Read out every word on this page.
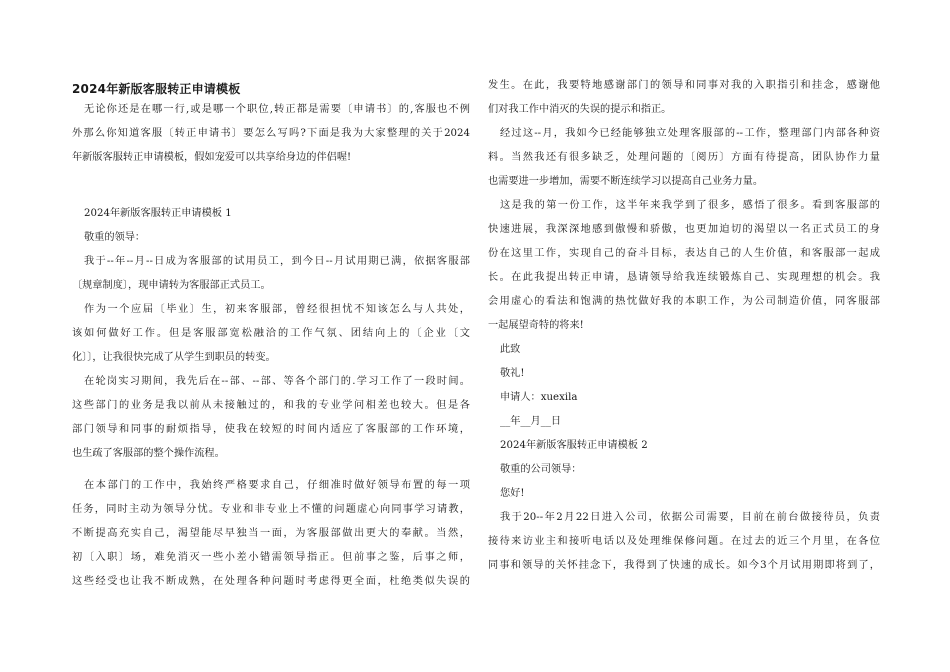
2024年新版客服转正申请模板
无论你还是在哪一行,或是哪一个职位,转正都是需要〔申请书〕的,客服也不例
外那么你知道客服〔转正申请书〕要怎么写吗?下面是我为大家整理的关于2024
年新版客服转正申请模板，假如宠爱可以共享给身边的伴侣喔!
2024年新版客服转正申请模板 1
敬重的领导：
我于--年--月--日成为客服部的试用员工，到今日--月试用期已满，依据客服部
〔规章制度〕，现申请转为客服部正式员工。
作为一个应届〔毕业〕生，初来客服部，曾经很担忧不知该怎么与人共处，
该如何做好工作。但是客服部宽松融洽的工作气氛、团结向上的〔企业〔文
化〕〕，让我很快完成了从学生到职员的转变。
在轮岗实习期间，我先后在--部、--部、等各个部门的.学习工作了一段时间。
这些部门的业务是我以前从未接触过的，和我的专业学问相差也较大。但是各
部门领导和同事的耐烦指导，使我在较短的时间内适应了客服部的工作环境，
也生疏了客服部的整个操作流程。
在本部门的工作中，我始终严格要求自己，仔细准时做好领导布置的每一项
任务，同时主动为领导分忧。专业和非专业上不懂的问题虚心向同事学习请教，
不断提高充实自己，渴望能尽早独当一面，为客服部做出更大的奉献。当然，
初〔入职〕场，难免消灭一些小差小错需领导指正。但前事之鉴，后事之师，
这些经受也让我不断成熟，在处理各种问题时考虑得更全面，杜绝类似失误的
发生。在此，我要特地感谢部门的领导和同事对我的入职指引和挂念，感谢他
们对我工作中消灭的失误的提示和指正。
经过这--月，我如今已经能够独立处理客服部的--工作，整理部门内部各种资
料。当然我还有很多缺乏，处理问题的〔阅历〕方面有待提高，团队协作力量
也需要进一步增加，需要不断连续学习以提高自己业务力量。
这是我的第一份工作，这半年来我学到了很多，感悟了很多。看到客服部的
快速进展，我深深地感到傲慢和骄傲，也更加迫切的渴望以一名正式员工的身
份在这里工作，实现自己的奋斗目标，表达自己的人生价值，和客服部一起成
长。在此我提出转正申请，恳请领导给我连续锻炼自己、实现理想的机会。我
会用虚心的看法和饱满的热忱做好我的本职工作，为公司制造价值，同客服部
一起展望奇特的将来!
此致
敬礼!
申请人：xuexila
__年__月__日
2024年新版客服转正申请模板 2
敬重的公司领导：
您好!
我于20--年2月22日进入公司，依据公司需要，目前在前台做接待员，负责
接待来访业主和接听电话以及处理维保修问题。在过去的近三个月里，在各位
同事和领导的关怀挂念下，我得到了快速的成长。如今3个月试用期即将到了，
